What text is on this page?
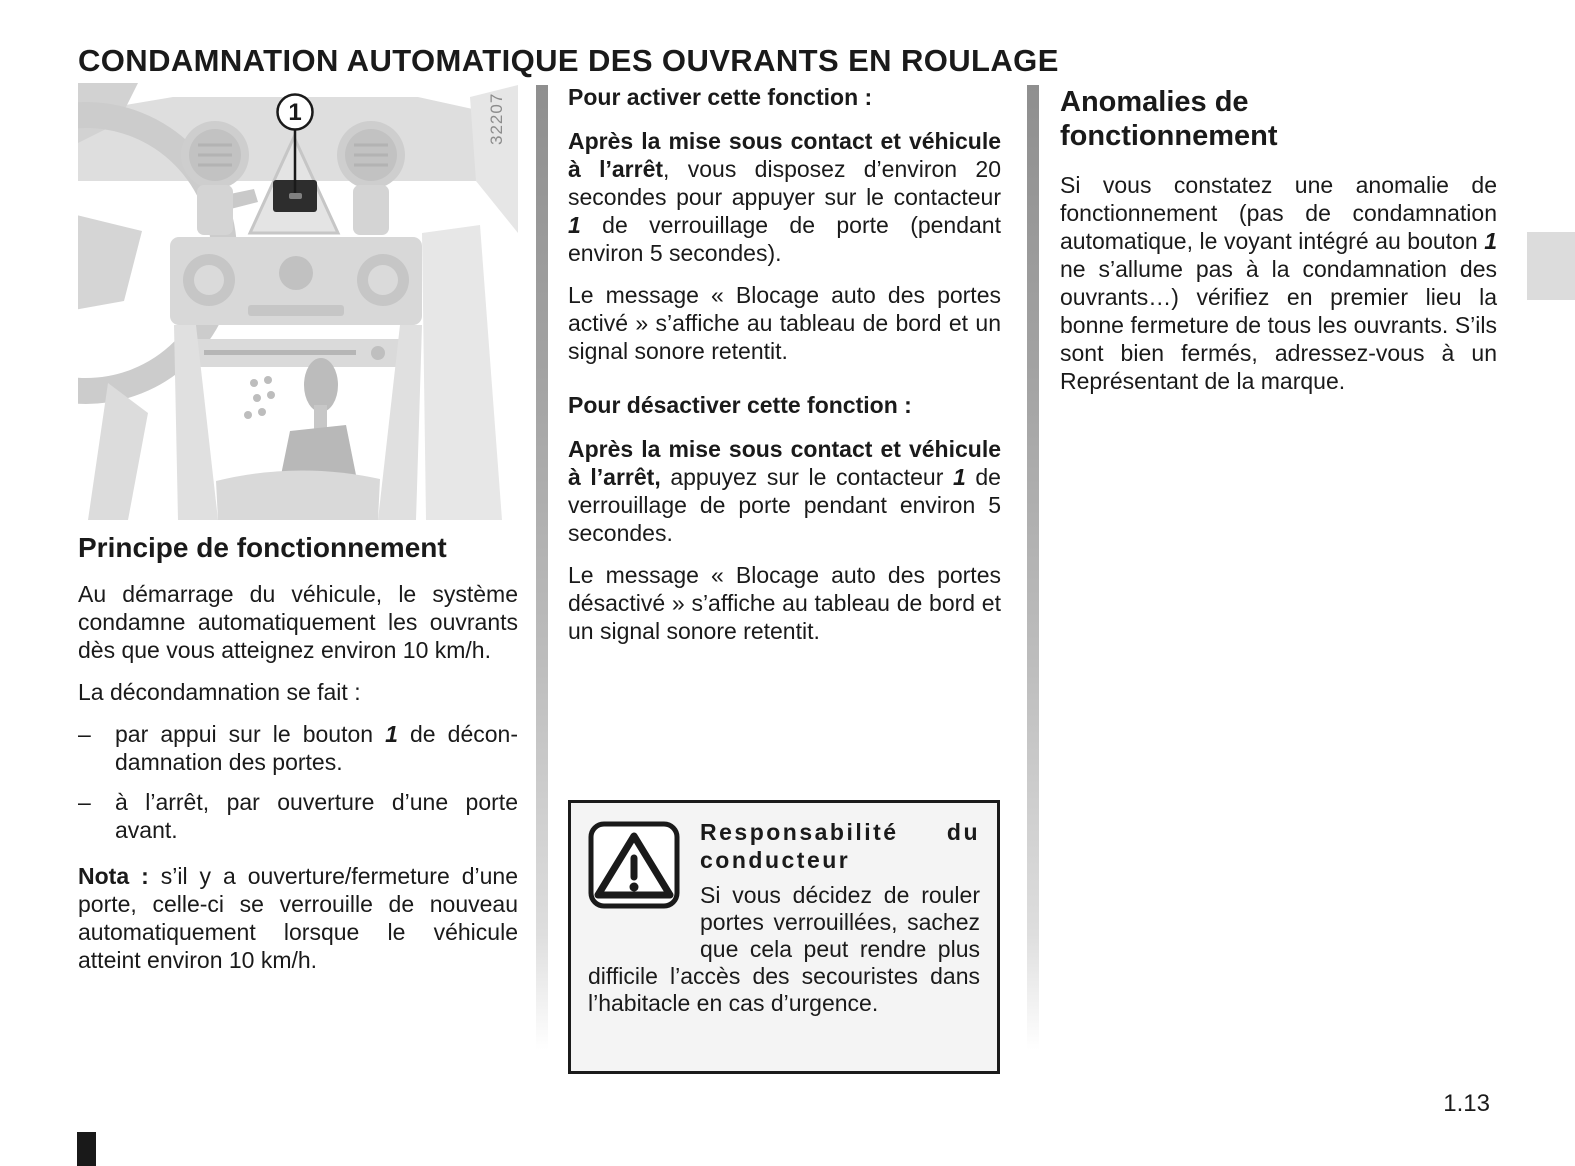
CONDAMNATION AUTOMATIQUE DES OUVRANTS EN ROULAGE
1	32207
Principe de fonctionnement

Au démarrage du véhicule, le système condamne automatiquement les ouvrants dès que vous atteignez environ 10 km/h.

La décondamnation se fait :

–	par appui sur le bouton 1 de décondamnation des portes.

–	à l’arrêt, par ouverture d’une porte avant.

Nota : s’il y a ouverture/fermeture d’une porte, celle-ci se verrouille de nouveau automatiquement lorsque le véhicule atteint environ 10 km/h.

Pour activer cette fonction :

Après la mise sous contact et véhicule à l’arrêt, vous disposez d’environ 20 secondes pour appuyer sur le contacteur 1 de verrouillage de porte (pendant environ 5 secondes).

Le message « Blocage auto des portes activé » s’affiche au tableau de bord et un signal sonore retentit.

Pour désactiver cette fonction :

Après la mise sous contact et véhicule à l’arrêt, appuyez sur le contacteur 1 de verrouillage de porte pendant environ 5 secondes.

Le message « Blocage auto des portes désactivé » s’affiche au tableau de bord et un signal sonore retentit.

Responsabilité du conducteur

Si vous décidez de rouler portes verrouillées, sachez que cela peut rendre plus difficile l’accès des secouristes dans l’habitacle en cas d’urgence.

Anomalies de fonctionnement

Si vous constatez une anomalie de fonctionnement (pas de condamnation automatique, le voyant intégré au bouton 1 ne s’allume pas à la condamnation des ouvrants…) vérifiez en premier lieu la bonne fermeture de tous les ouvrants. S’ils sont bien fermés, adressez-vous à un Représentant de la marque.

1.13
